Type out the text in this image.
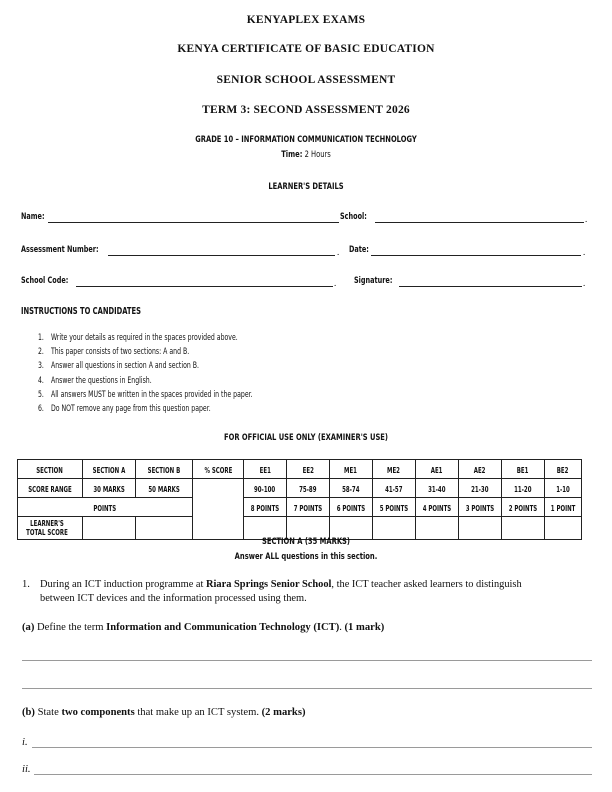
KENYAPLEX EXAMS
KENYA CERTIFICATE OF BASIC EDUCATION
SENIOR SCHOOL ASSESSMENT
TERM 3: SECOND ASSESSMENT 2026
GRADE 10 – INFORMATION COMMUNICATION TECHNOLOGY
Time: 2 Hours
LEARNER'S DETAILS
Name:	School:	.
Assessment Number:	. Date:	.
School Code:	. Signature:	.
INSTRUCTIONS TO CANDIDATES
1. Write your details as required in the spaces provided above.
2. This paper consists of two sections: A and B.
3. Answer all questions in section A and section B.
4. Answer the questions in English.
5. All answers MUST be written in the spaces provided in the paper.
6. Do NOT remove any page from this question paper.
FOR OFFICIAL USE ONLY (EXAMINER'S USE)
SECTION	SECTION A	SECTION B	% SCORE	EE1	EE2	ME1	ME2	AE1	AE2	BE1	BE2
SCORE RANGE	30 MARKS	50 MARKS		90-100	75-89	58-74	41-57	31-40	21-30	11-20	1-10
POINTS				8 POINTS	7 POINTS	6 POINTS	5 POINTS	4 POINTS	3 POINTS	2 POINTS	1 POINT
LEARNER'S TOTAL SCORE											
SECTION A (35 MARKS)
Answer ALL questions in this section.
1. During an ICT induction programme at Riara Springs Senior School, the ICT teacher asked learners to distinguish
between ICT devices and the information processed using them.
(a) Define the term Information and Communication Technology (ICT). (1 mark)
(b) State two components that make up an ICT system. (2 marks)
i.
ii.
